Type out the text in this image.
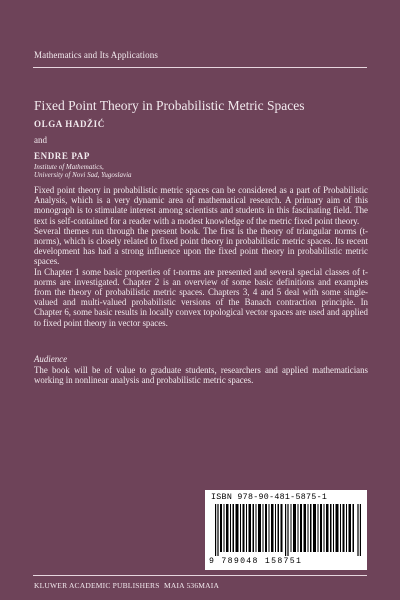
Mathematics and Its Applications
Fixed Point Theory in Probabilistic Metric Spaces
OLGA HADŽIĆ
and
ENDRE PAP
Institute of Mathematics,
University of Novi Sad, Yugoslavia

Fixed point theory in probabilistic metric spaces can be considered as a part of Probabilistic Analysis, which is a very dynamic area of mathematical research. A primary aim of this monograph is to stimulate interest among scientists and students in this fascinating field. The text is self-contained for a reader with a modest knowledge of the metric fixed point theory.

Several themes run through the present book. The first is the theory of triangular norms (t-norms), which is closely related to fixed point theory in probabilistic metric spaces. Its recent development has had a strong influence upon the fixed point theory in probabilistic metric spaces.

In Chapter 1 some basic properties of t-norms are presented and several special classes of t-norms are investigated. Chapter 2 is an overview of some basic definitions and examples from the theory of probabilistic metric spaces. Chapters 3, 4 and 5 deal with some single-valued and multi-valued probabilistic versions of the Banach contraction principle. In Chapter 6, some basic results in locally convex topological vector spaces are used and applied to fixed point theory in vector spaces.

Audience
The book will be of value to graduate students, researchers and applied mathematicians working in nonlinear analysis and probabilistic metric spaces.
ISBN 978-90-481-5875-1
9 789048 158751
KLUWER ACADEMIC PUBLISHERS MAIA 536MAIA
